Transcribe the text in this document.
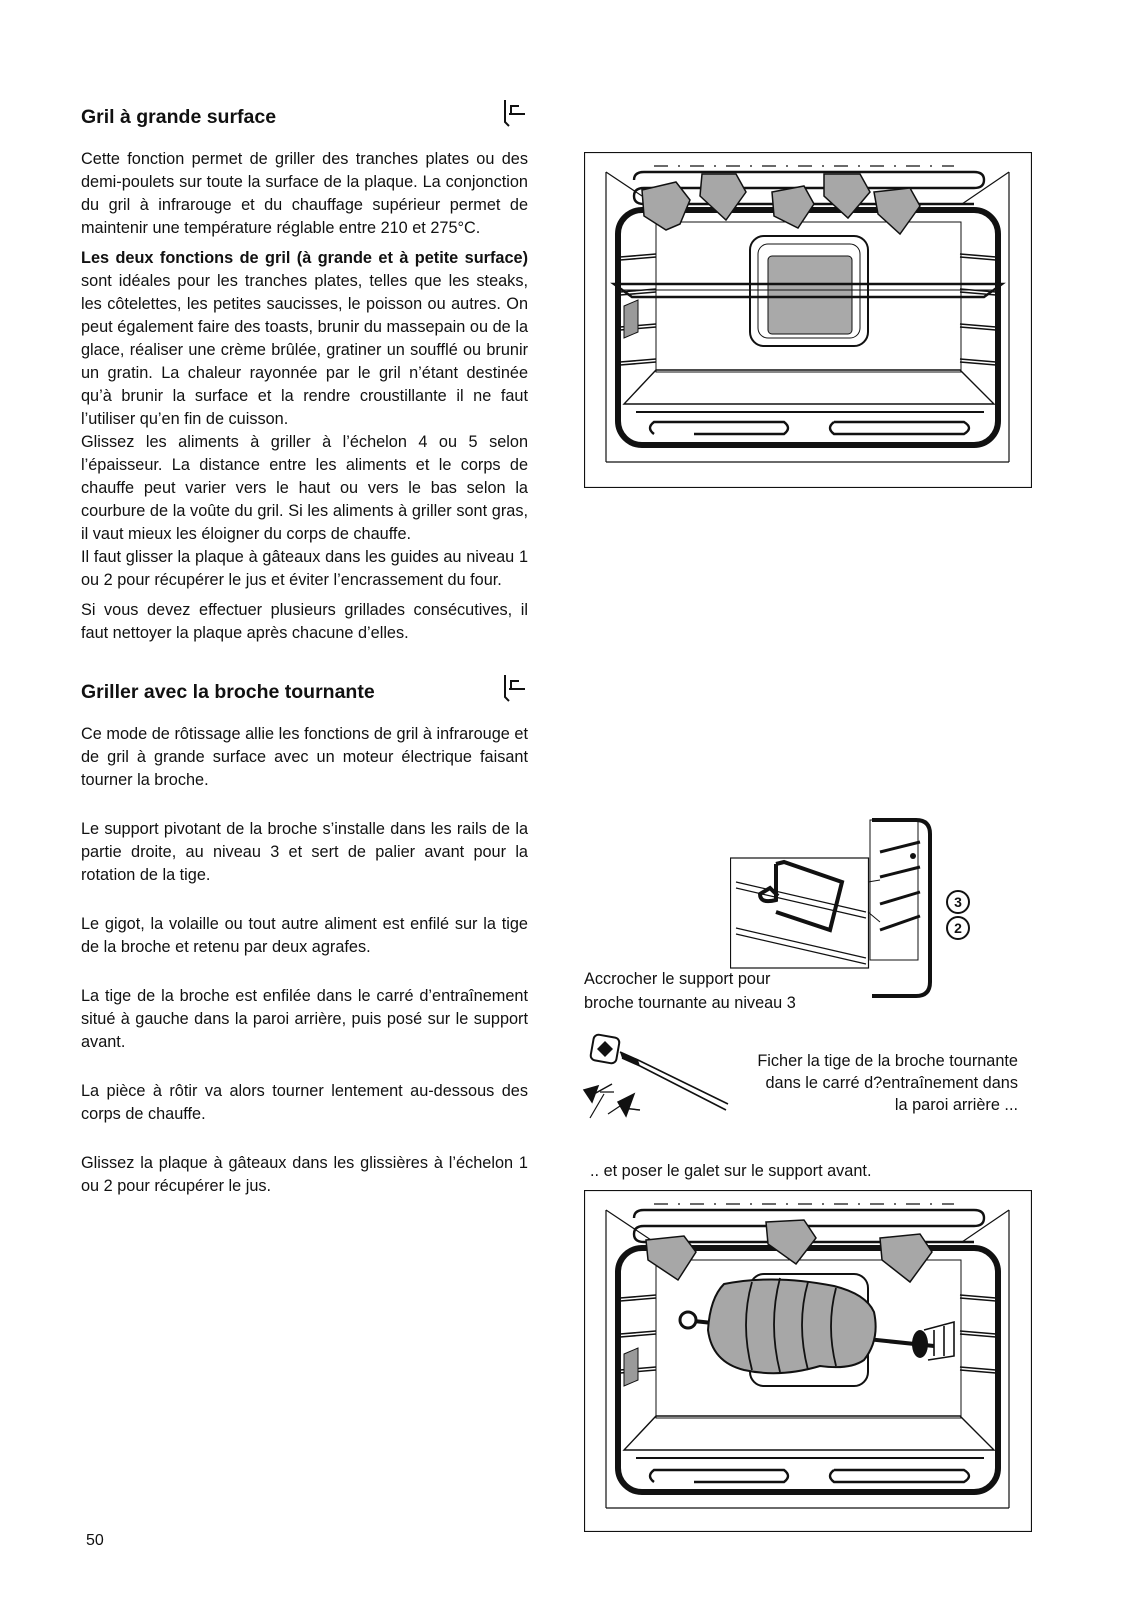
Gril à grande surface

Cette fonction permet de griller des tranches plates ou des demi‐poulets sur toute la surface de la plaque. La conjonction du gril à infrarouge et du chauffage supérieur permet de maintenir une température réglable entre 210 et 275°C.

Les deux fonctions de gril (à grande et à petite surface) sont idéales pour les tranches plates, telles que les steaks, les côtelettes, les petites saucisses, le poisson ou autres. On peut également faire des toasts, brunir du massepain ou de la glace, réaliser une crème brûlée, gratiner un soufflé ou brunir un gratin. La chaleur rayonnée par le gril n’étant destinée qu’à brunir la surface et la rendre croustillante il ne faut l’utiliser qu’en fin de cuisson.

Glissez les aliments à griller à l’échelon 4 ou 5 selon l’épaisseur. La distance entre les aliments et le corps de chauffe peut varier vers le haut ou vers le bas selon la courbure de la voûte du gril. Si les aliments à griller sont gras, il vaut mieux les éloigner du corps de chauffe.

Il faut glisser la plaque à gâteaux dans les guides au niveau 1 ou 2 pour récupérer le jus et éviter l’encrassement du four.

Si vous devez effectuer plusieurs grillades consécutives, il faut nettoyer la plaque après chacune d’elles.

Griller avec la broche tournante

Ce mode de rôtissage allie les fonctions de gril à infrarouge et de gril à grande surface avec un moteur électrique faisant tourner la broche.

Le support pivotant de la broche s’installe dans les rails de la partie droite, au niveau 3 et sert de palier avant pour la rotation de la tige.

Le gigot, la volaille ou tout autre aliment est enfilé sur la tige de la broche et retenu par deux agrafes.

La tige de la broche est enfilée dans le carré d’entraînement situé à gauche dans la paroi arrière, puis posé sur le support avant.

La pièce à rôtir va alors tourner lentement au‐dessous des corps de chauffe.

Glissez la plaque à gâteaux dans les glissières à l’échelon 1 ou 2 pour récupérer le jus.

3
2
Accrocher le support pour
broche tournante au niveau 3
Ficher la tige de la broche tournante dans le carré d?entraînement dans la paroi arrière ...
.. et poser le galet sur le support avant.
50
